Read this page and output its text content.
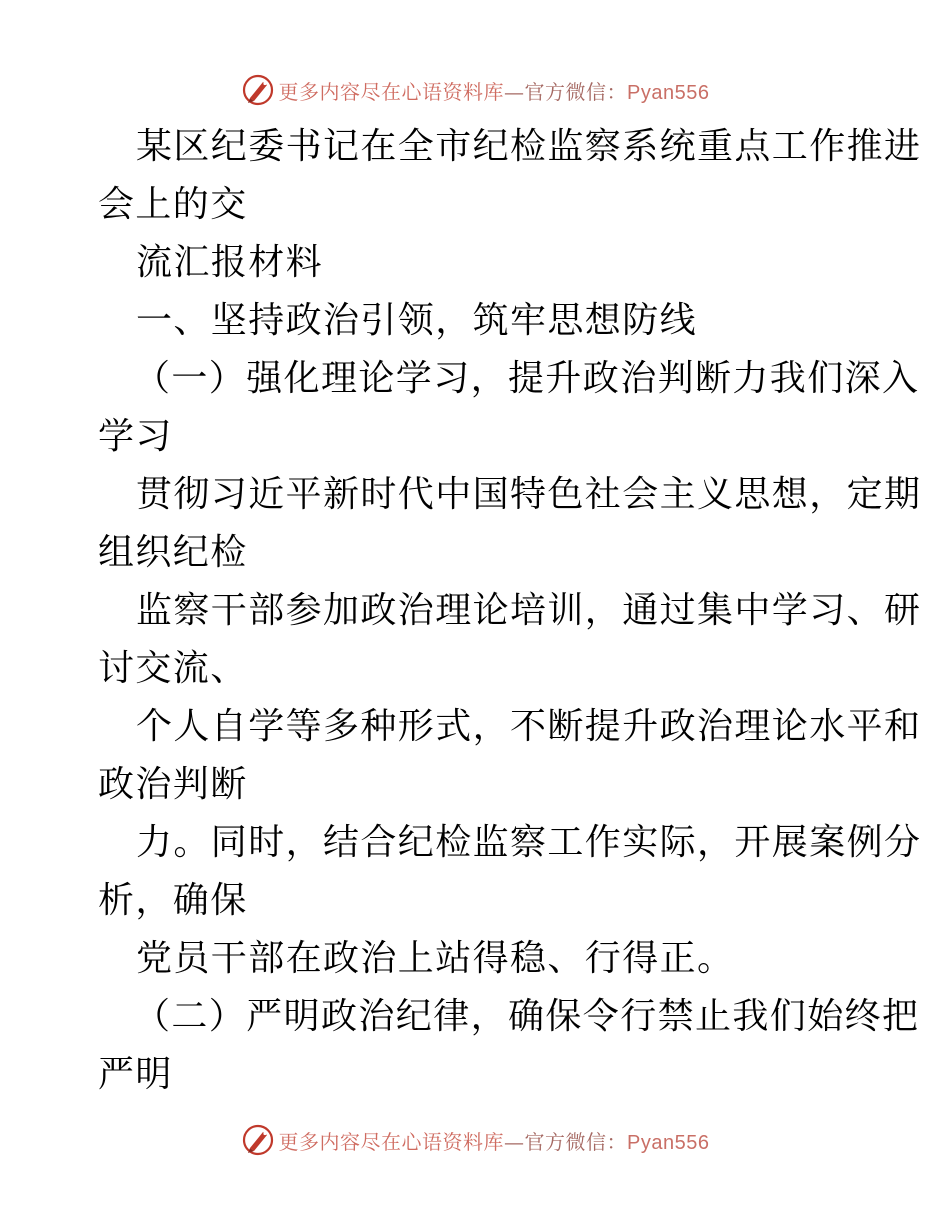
更多内容尽在心语资料库—官方微信：Pyan556
某区纪委书记在全市纪检监察系统重点工作推进
会上的交
流汇报材料
一、坚持政治引领，筑牢思想防线
（一）强化理论学习，提升政治判断力我们深入
学习
贯彻习近平新时代中国特色社会主义思想，定期
组织纪检
监察干部参加政治理论培训，通过集中学习、研
讨交流、
个人自学等多种形式，不断提升政治理论水平和
政治判断
力。同时，结合纪检监察工作实际，开展案例分
析，确保
党员干部在政治上站得稳、行得正。
（二）严明政治纪律，确保令行禁止我们始终把
严明
更多内容尽在心语资料库—官方微信：Pyan556
